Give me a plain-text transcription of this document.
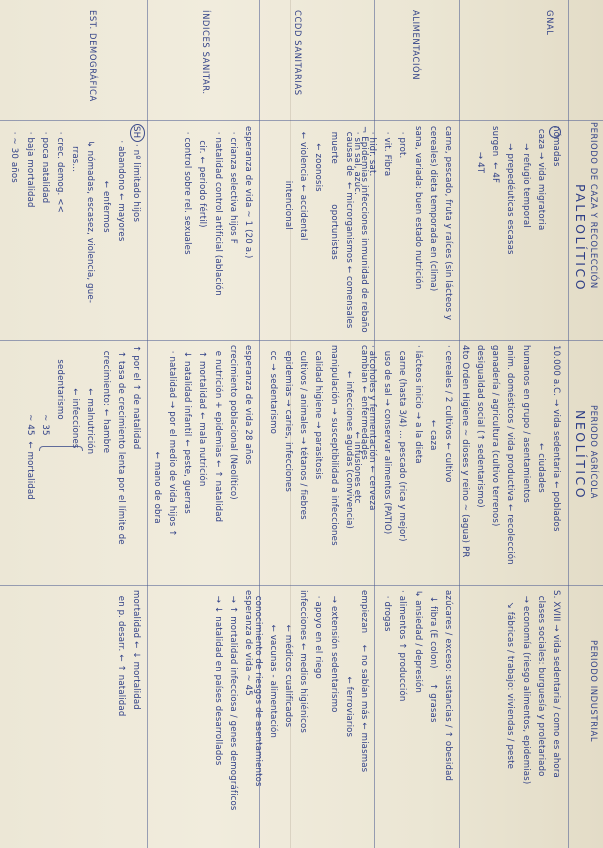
PERIODO DE CAZA Y RECOLECCIÓN
PALEOLÍTICO
PERIODO AGRÍCOLA
NEOLÍTICO
PERIODO INDUSTRIAL
GNAL
ALIMENTACIÓN
CCDD SANITARIAS
ÍNDICES SANITAR.
EST. DEMOGRÁFICA
nómadas
caza → vida migratoria
→ refugio temporal
→ prepedéuticas escasas
surgen  ← 4F
→ 4T
carne, pescado, fruta y raíces (sin lácteos y
cereales) dieta temporada en (clima)
sana, variada: buen estado nutrición
· prot.
· vit. Fibra
· hidr. sat.
· sin sal, azúc.
¬ Epidemias infecciones inmunidad de rebaño
causas de  ← microrganismos ← comensales
muerte              oportunistas
← zoonosis
← violencia ← accidental
intencional
esperanza de vida ~ 1 (20 a.)
· crianza selectiva hijos F
· natalidad control artificial (ablación
cir. ← periodo fértil)
· control sobre rel. sexuales
SH  · nº limitado hijos
· abandono ← mayores
← enfermos
↳ nómadas, escasez, violencia, gue-
rras...
· crec. demog. <<
· poca natalidad
· baja mortalidad
· ~ 30 años
10.000 a.C. → vida sedentaria ← poblados
← ciudades
humanos en grupo / asentamientos
anim. domésticos / vida productiva ← recolección
ganadería / agricultura (cultivo terrenos)
desigualdad social (↑ sedentarismo)
4to Orden Higiene ~ dioses y reino ~ (agua) PR
· cereales / 2 cultivos ← cultivo
← caza
· lácteos inicio → a la dieta
carne (hasta 3/4) ... pescado (rica y mejor)
uso de sal → conservar alimentos (PATIO)
· alcoholes y fermentación ← cerveza
← infusiones etc
cambian ← enfermedades
← infecciones agudas (convivencia)
manipulación → susceptibilidad a infecciones
calidad higiene → parasitosis
cultivos / animales → tétanos / fiebres
epidemias → caries, infecciones
cc → sedentarismo
esperanza de vida 28 años
crecimiento poblacional (Neolítico)
e nutrición + epidemias ← ↑ natalidad
↑ mortalidad ← mala nutrición
↓ natalidad infantil ← peste, guerras
· natalidad → por el medio de vida hijos ↑
← mano de obra
↑ por el ↑ de natalidad
↑ tasa de crecimiento lenta por el límite de
crecimiento: ← hambre
← malnutrición
← infecciones
sedentarismo
~ 35
~ 45  ← mortalidad
S. XVIII → vida sedentaria / como es ahora
clases sociales: burguesía y proletariado
→ economía (riesgo alimentos, epidemias)
↘ fábricas / trabajo: viviendas / peste
azúcares / exceso: sustancias / ↑ obesidad
↓ fibra (E colon)     ↑ grasas
↳ ansiedad / depresión
· alimentos ↑ producción
· drogas
empiezan    ← no sabían más ← miasmas
← ferroviarios
→ extensión sedentarismo
· apoyo en el riego
infecciones ← medios higiénicos
← médicos cualificados
← vacunas - alimentación
conocimiento de riesgos de asentamientos
esperanza de vida ~ 45
→ ↑ mortalidad infecciosa / genes demográficos
→ ↓ natalidad en países desarrollados
mortalidad ← ↓ mortalidad
en p. desarr. ← ↑ natalidad
